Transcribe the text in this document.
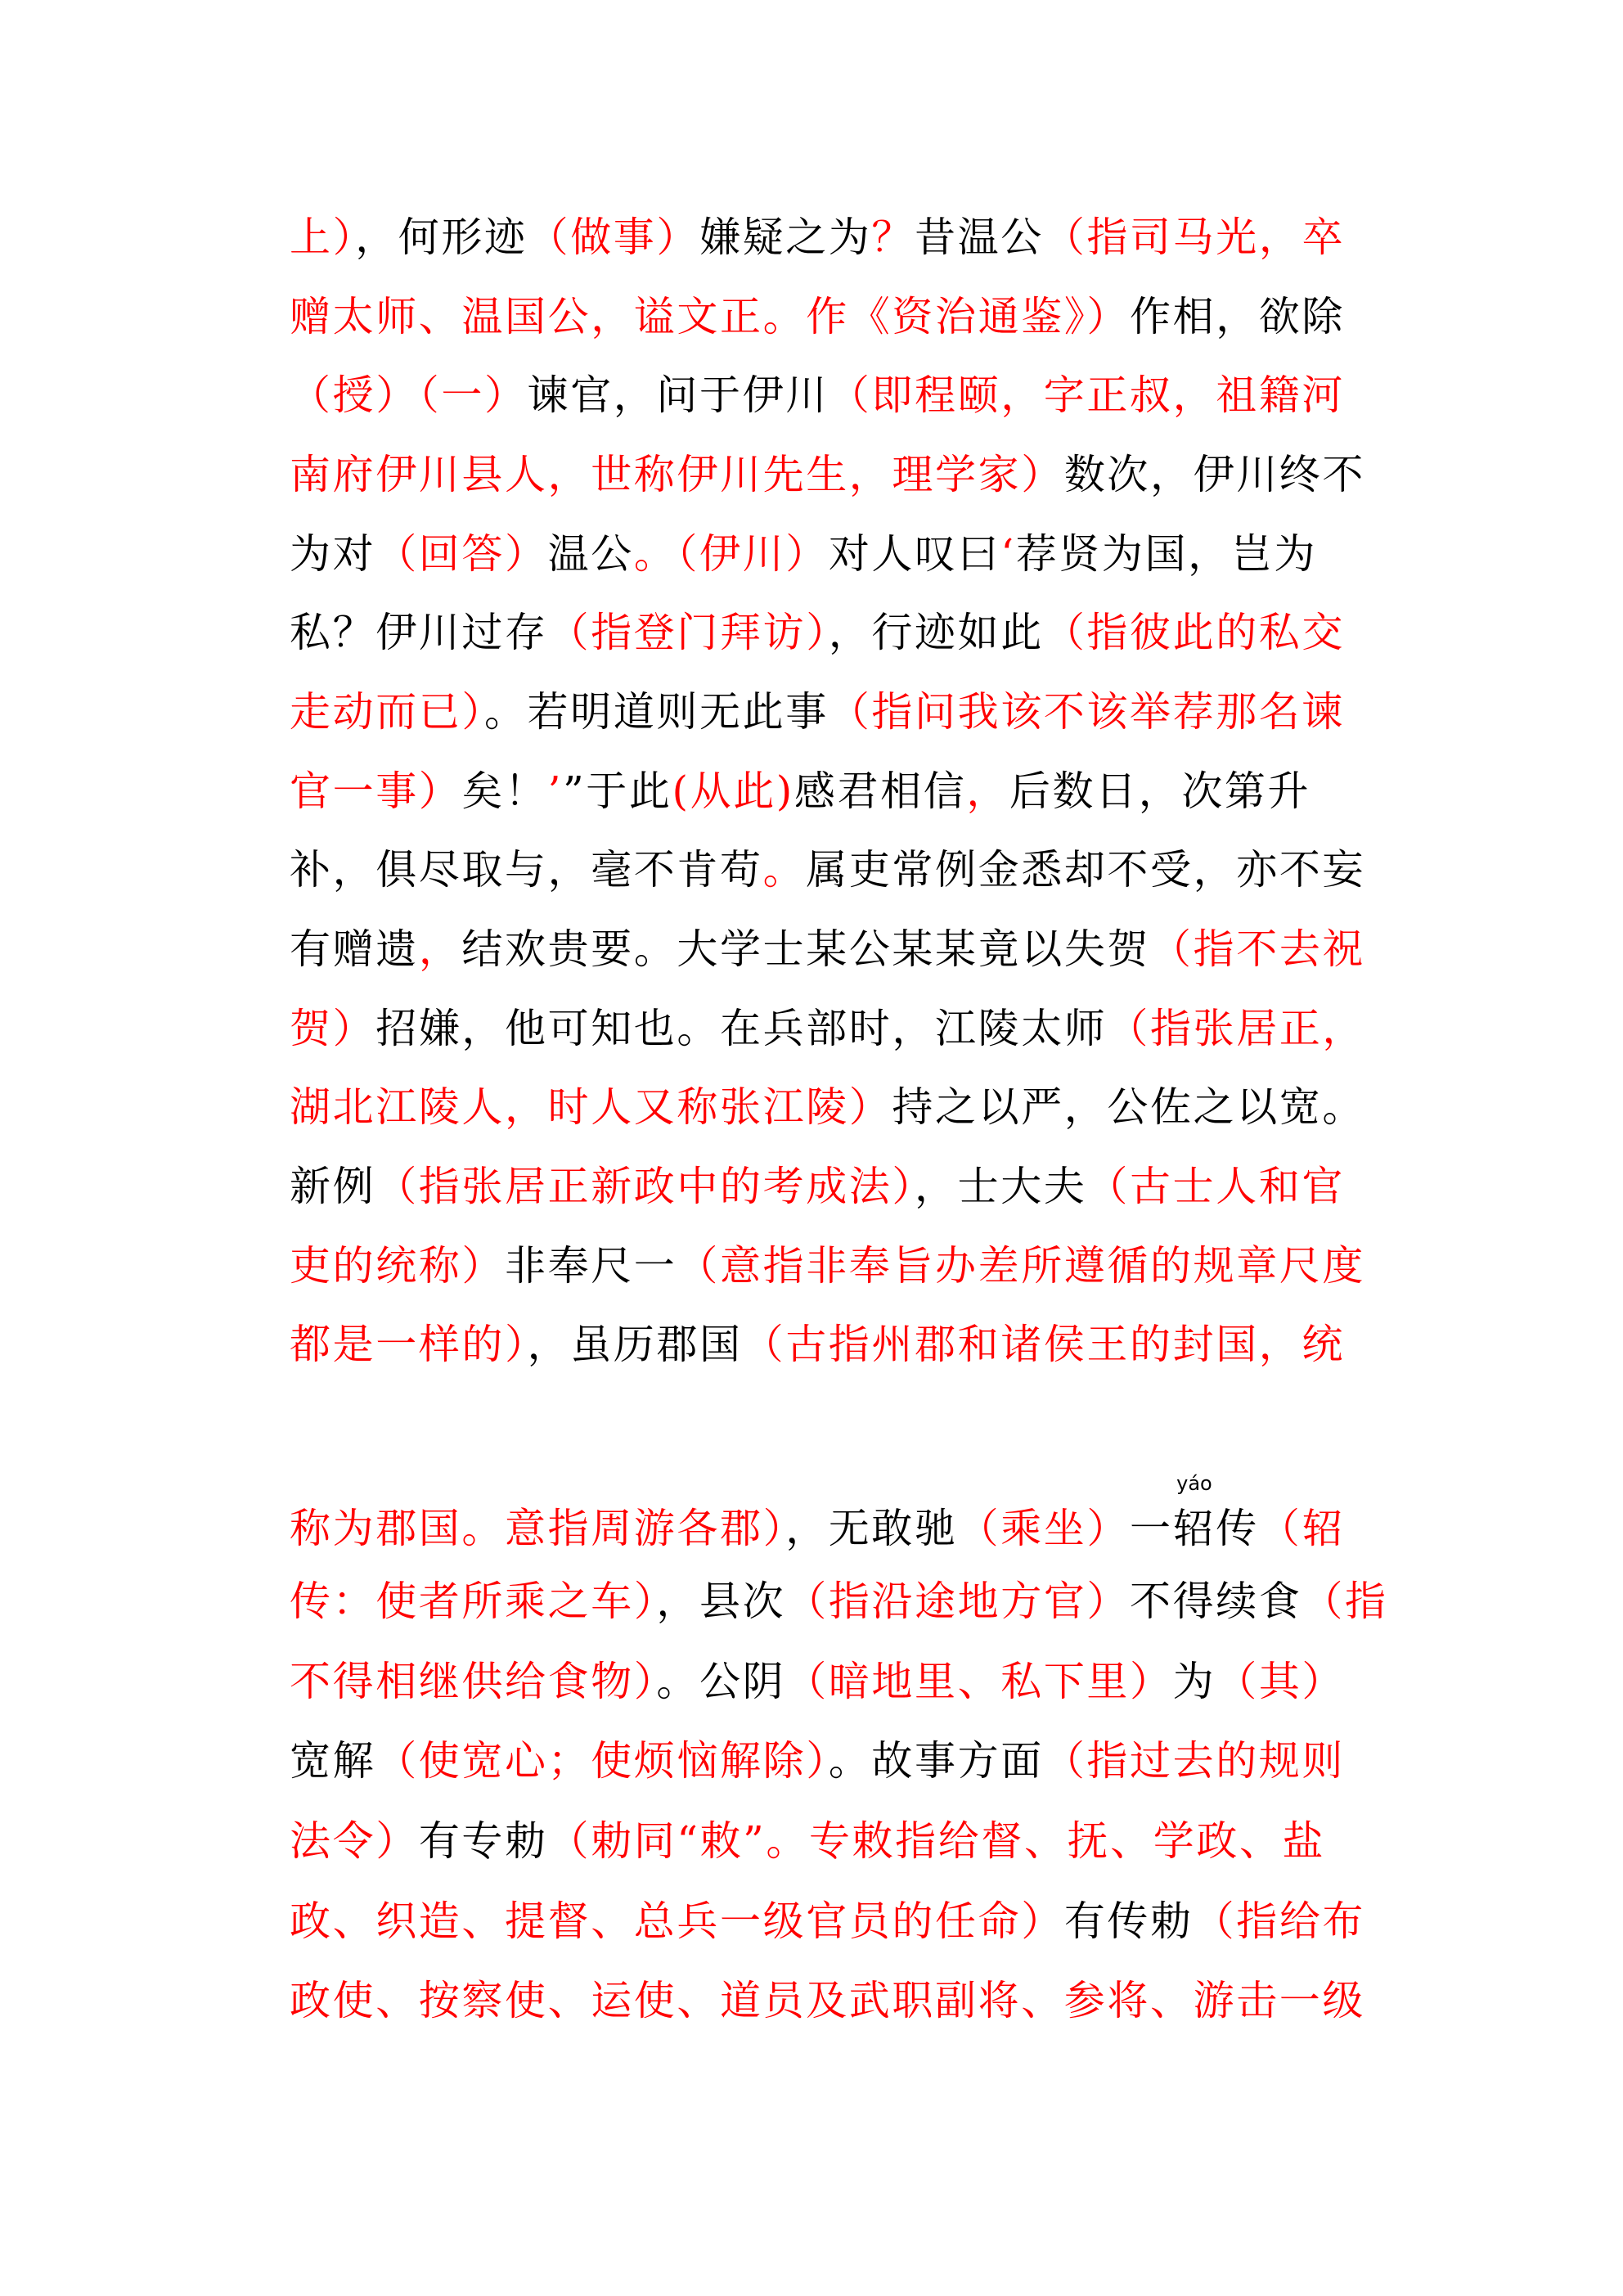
上），何形迹（做事）嫌疑之为？昔温公（指司马光，卒
赠太师、温国公，谥文正。作《资治通鉴》）作相，欲除
（授）（一）谏官，问于伊川（即程颐，字正叔，祖籍河
南府伊川县人，世称伊川先生，理学家）数次，伊川终不
为对（回答）温公。（伊川）对人叹曰‘荐贤为国，岂为
私？伊川过存（指登门拜访），行迹如此（指彼此的私交
走动而已）。若明道则无此事（指问我该不该举荐那名谏
官一事）矣！’”于此(从此)感君相信，后数日，次第升
补，俱尽取与，毫不肯苟。属吏常例金悉却不受，亦不妄
有赠遗，结欢贵要。大学士某公某某竟以失贺（指不去祝
贺）招嫌，他可知也。在兵部时，江陵太师（指张居正，
湖北江陵人，时人又称张江陵）持之以严，公佐之以宽。
新例（指张居正新政中的考成法），士大夫（古士人和官
吏的统称）非奉尺一（意指非奉旨办差所遵循的规章尺度
都是一样的），虽历郡国（古指州郡和诸侯王的封国，统
称为郡国。意指周游各郡），无敢驰（乘坐）一
yáo
轺传（轺
传：使者所乘之车），县次（指沿途地方官）不得续食（指
不得相继供给食物）。公阴（暗地里、私下里）为（其）
宽解（使宽心；使烦恼解除）。故事方面（指过去的规则
法令）有专勅（勅同“敕”。专敕指给督、抚、学政、盐
政、织造、提督、总兵一级官员的任命）有传勅（指给布
政使、按察使、运使、道员及武职副将、参将、游击一级
